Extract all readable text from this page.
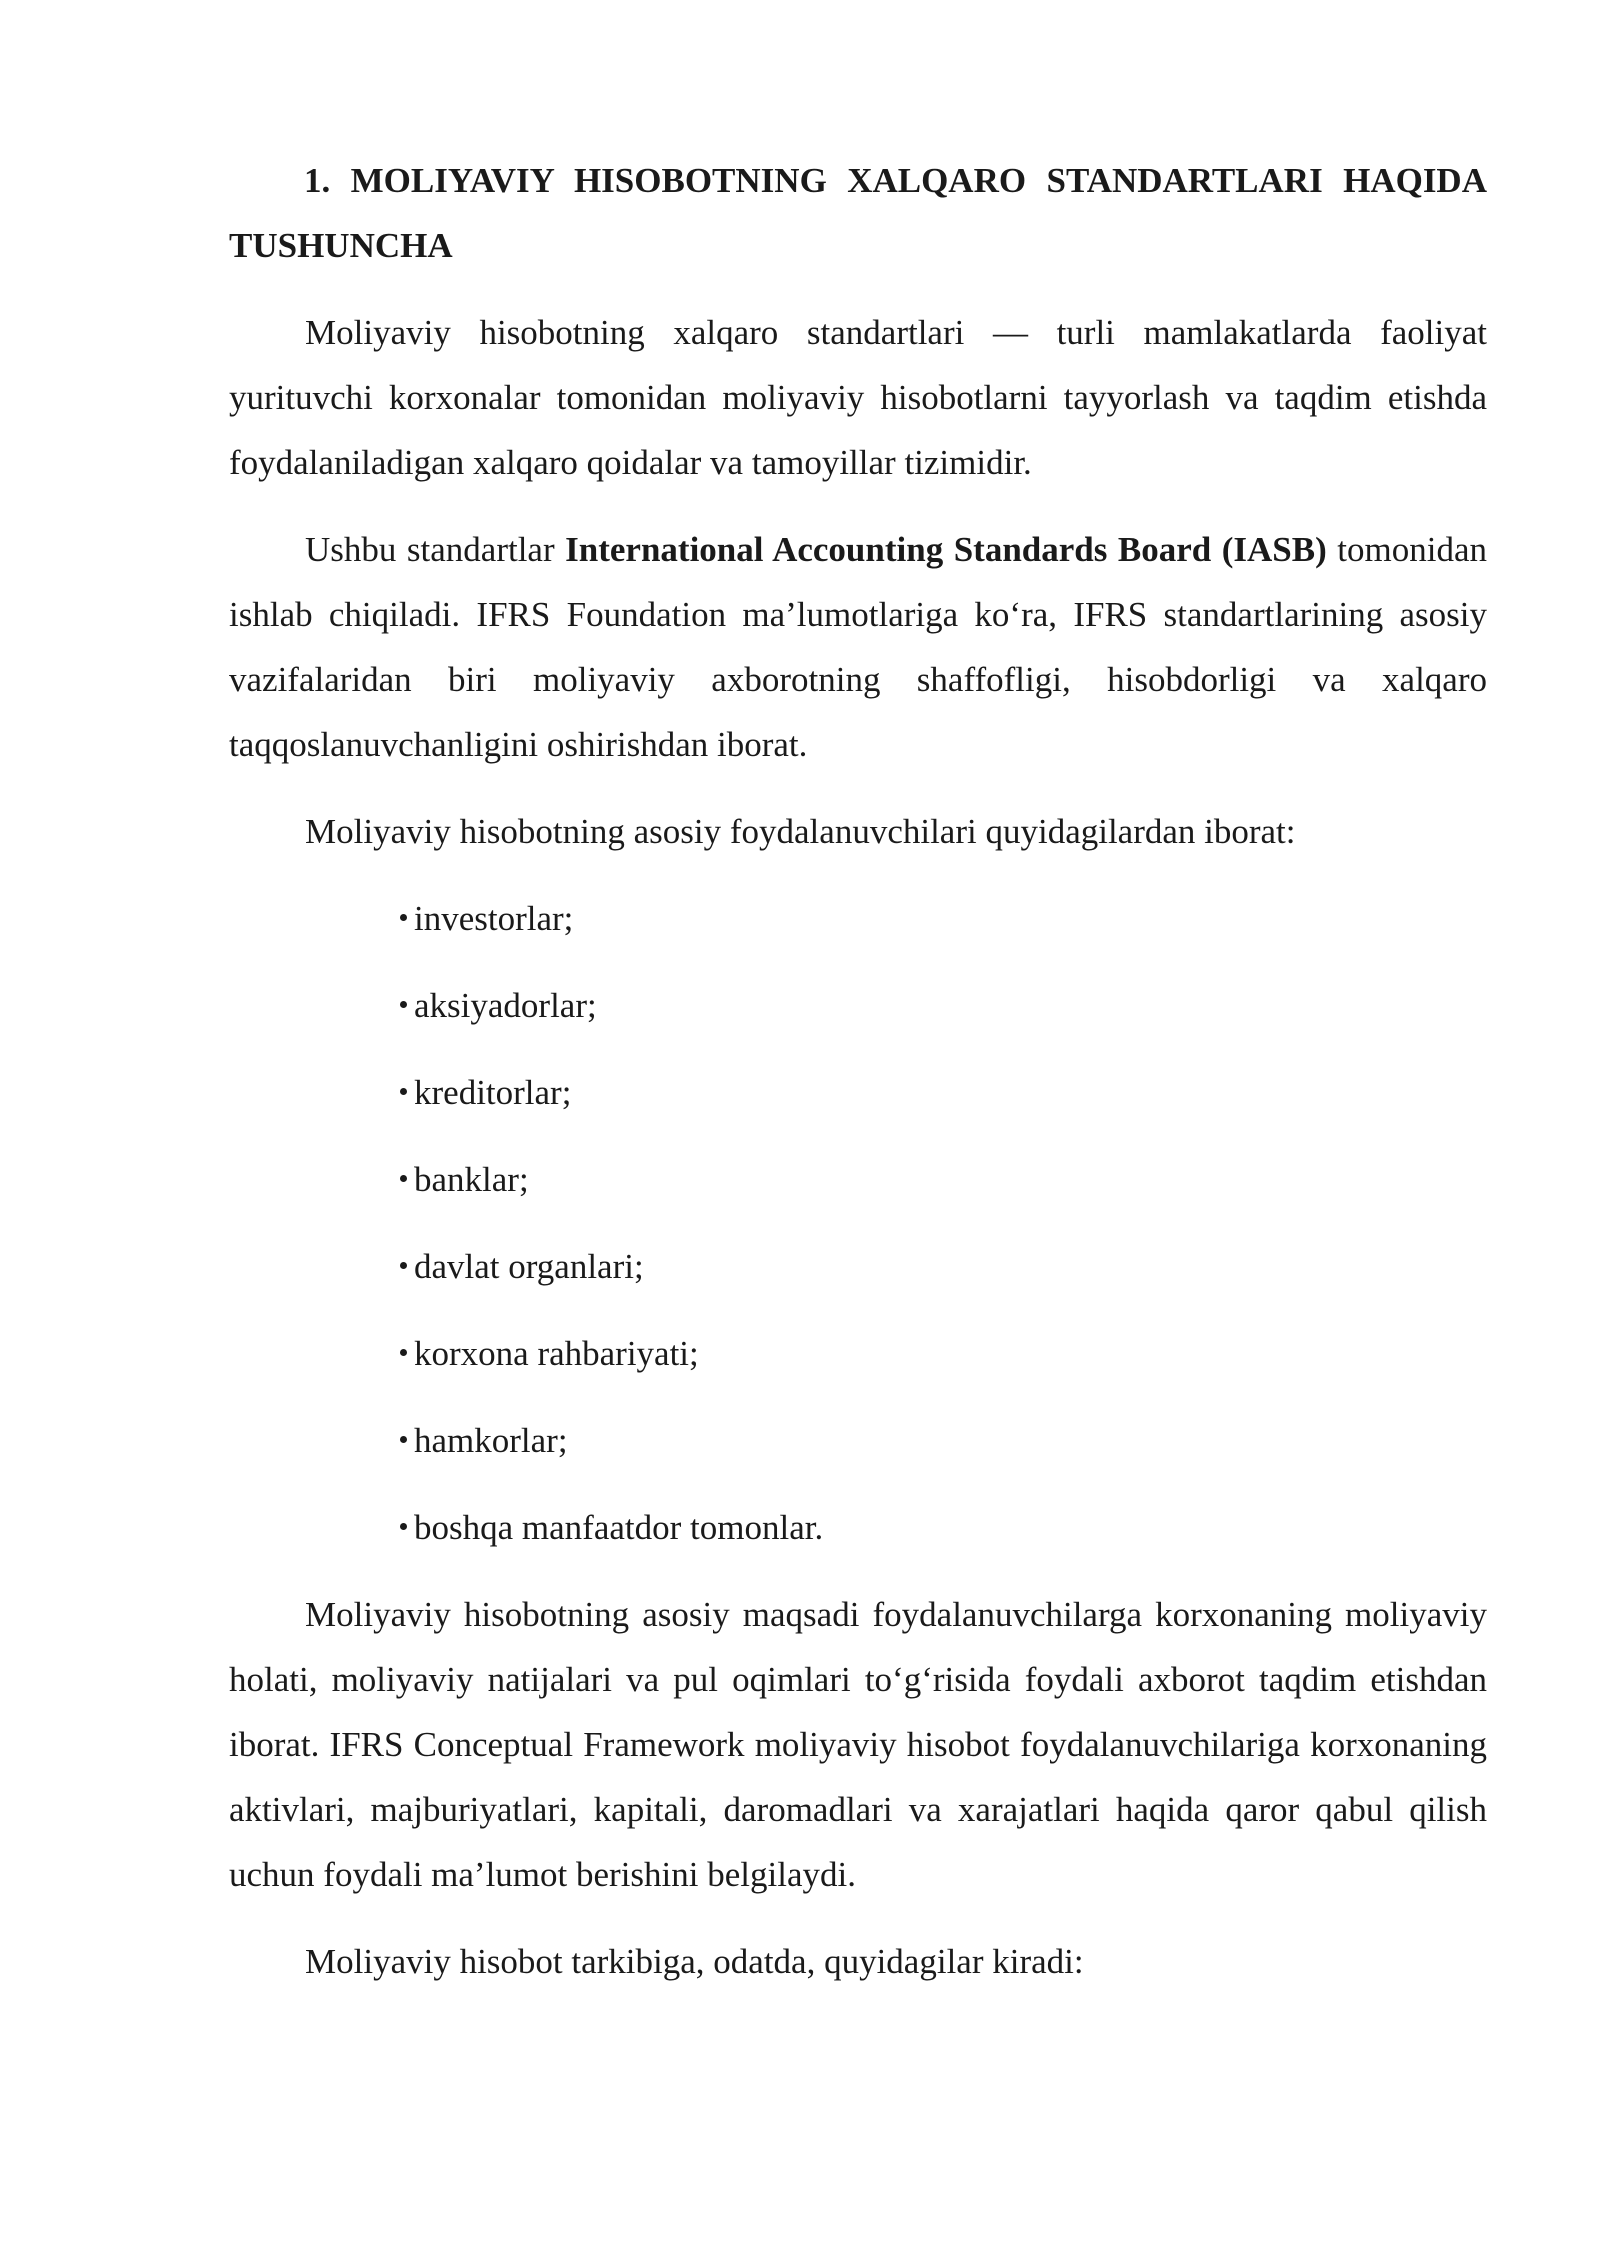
1. MOLIYAVIY HISOBOTNING XALQARO STANDARTLARI HAQIDA TUSHUNCHA

Moliyaviy hisobotning xalqaro standartlari — turli mamlakatlarda faoliyat yurituvchi korxonalar tomonidan moliyaviy hisobotlarni tayyorlash va taqdim etishda foydalaniladigan xalqaro qoidalar va tamoyillar tizimidir.

Ushbu standartlar International Accounting Standards Board (IASB) tomonidan ishlab chiqiladi. IFRS Foundation ma’lumotlariga ko‘ra, IFRS standartlarining asosiy vazifalaridan biri moliyaviy axborotning shaffofligi, hisobdorligi va xalqaro taqqoslanuvchanligini oshirishdan iborat.

Moliyaviy hisobotning asosiy foydalanuvchilari quyidagilardan iborat:

investorlar;
aksiyadorlar;
kreditorlar;
banklar;
davlat organlari;
korxona rahbariyati;
hamkorlar;
boshqa manfaatdor tomonlar.

Moliyaviy hisobotning asosiy maqsadi foydalanuvchilarga korxonaning moliyaviy holati, moliyaviy natijalari va pul oqimlari to‘g‘risida foydali axborot taqdim etishdan iborat. IFRS Conceptual Framework moliyaviy hisobot foydalanuvchilariga korxonaning aktivlari, majburiyatlari, kapitali, daromadlari va xarajatlari haqida qaror qabul qilish uchun foydali ma’lumot berishini belgilaydi.

Moliyaviy hisobot tarkibiga, odatda, quyidagilar kiradi:
